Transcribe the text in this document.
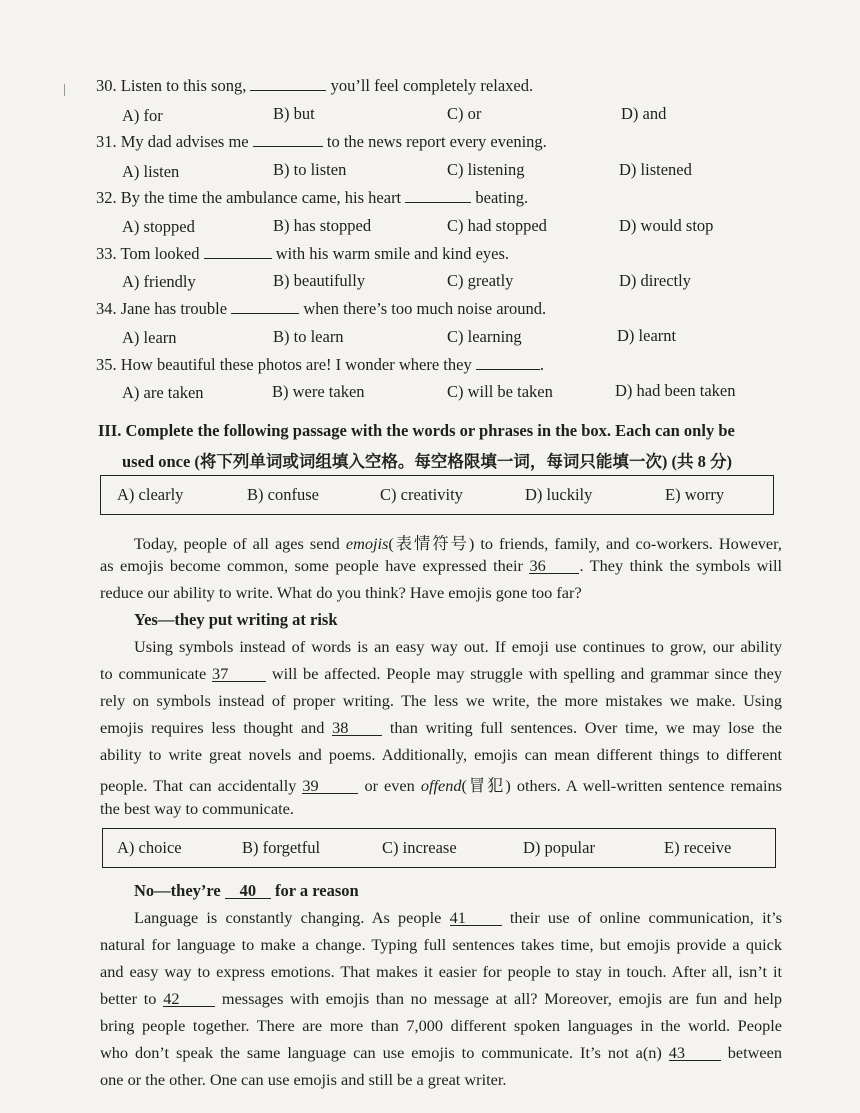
30. Listen to this song,	you’ll feel completely relaxed.
A) for	B) but	C) or	D) and
31. My dad advises me	to the news report every evening.
A) listen	B) to listen	C) listening	D) listened
32. By the time the ambulance came, his heart	beating.
A) stopped	B) has stopped	C) had stopped	D) would stop
33. Tom looked	with his warm smile and kind eyes.
A) friendly	B) beautifully	C) greatly	D) directly
34. Jane has trouble	when there’s too much noise around.
A) learn	B) to learn	C) learning	D) learnt
35. How beautiful these photos are! I wonder where they	.
A) are taken	B) were taken	C) will be taken	D) had been taken
III. Complete the following passage with the words or phrases in the box. Each can only be
used once (将下列单词或词组填入空格。每空格限填一词，每词只能填一次) (共 8 分)
A) clearly	B) confuse	C) creativity	D) luckily	E) worry
Today, people of all ages send emojis(表情符号) to friends, family, and co-workers. However,
as emojis become common, some people have expressed their 36 . They think the symbols will
reduce our ability to write. What do you think? Have emojis gone too far?
Yes—they put writing at risk
Using symbols instead of words is an easy way out. If emoji use continues to grow, our ability
to communicate 37	will be affected. People may struggle with spelling and grammar since they
rely on symbols instead of proper writing. The less we write, the more mistakes we make. Using
emojis requires less thought and 38	than writing full sentences. Over time, we may lose the
ability to write great novels and poems. Additionally, emojis can mean different things to different
people. That can accidentally 39	or even offend(冒犯) others. A well-written sentence remains
the best way to communicate.
A) choice	B) forgetful	C) increase	D) popular	E) receive
No—they’re 40 for a reason
Language is constantly changing. As people 41	their use of online communication, it’s
natural for language to make a change. Typing full sentences takes time, but emojis provide a quick
and easy way to express emotions. That makes it easier for people to stay in touch. After all, isn’t it
better to 42	messages with emojis than no message at all? Moreover, emojis are fun and help
bring people together. There are more than 7,000 different spoken languages in the world. People
who don’t speak the same language can use emojis to communicate. It’s not a(n) 43	between
one or the other. One can use emojis and still be a great writer.
